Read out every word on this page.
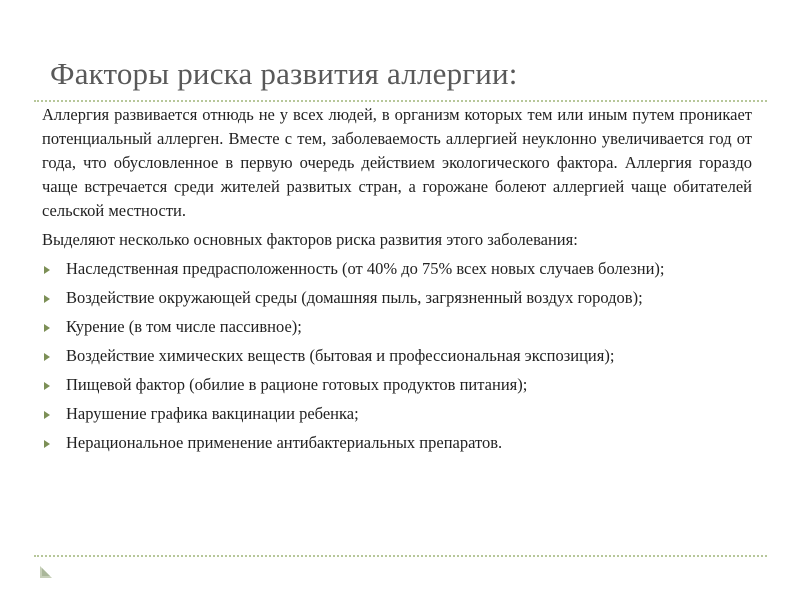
Факторы риска развития аллергии:

Аллергия развивается отнюдь не у всех людей, в организм которых тем или иным путем проникает потенциальный аллерген. Вместе с тем, заболеваемость аллергией неуклонно увеличивается год от года, что обусловленное в первую очередь действием экологического фактора. Аллергия гораздо чаще встречается среди жителей развитых стран, а горожане болеют аллергией чаще обитателей сельской местности.

Выделяют несколько основных факторов риска развития этого заболевания:

Наследственная предрасположенность (от 40% до 75% всех новых случаев болезни);
Воздействие окружающей среды (домашняя пыль, загрязненный воздух городов);
Курение (в том числе пассивное);
Воздействие химических веществ (бытовая и профессиональная экспозиция);
Пищевой фактор (обилие в рационе готовых продуктов питания);
Нарушение графика вакцинации ребенка;
Нерациональное применение антибактериальных препаратов.
